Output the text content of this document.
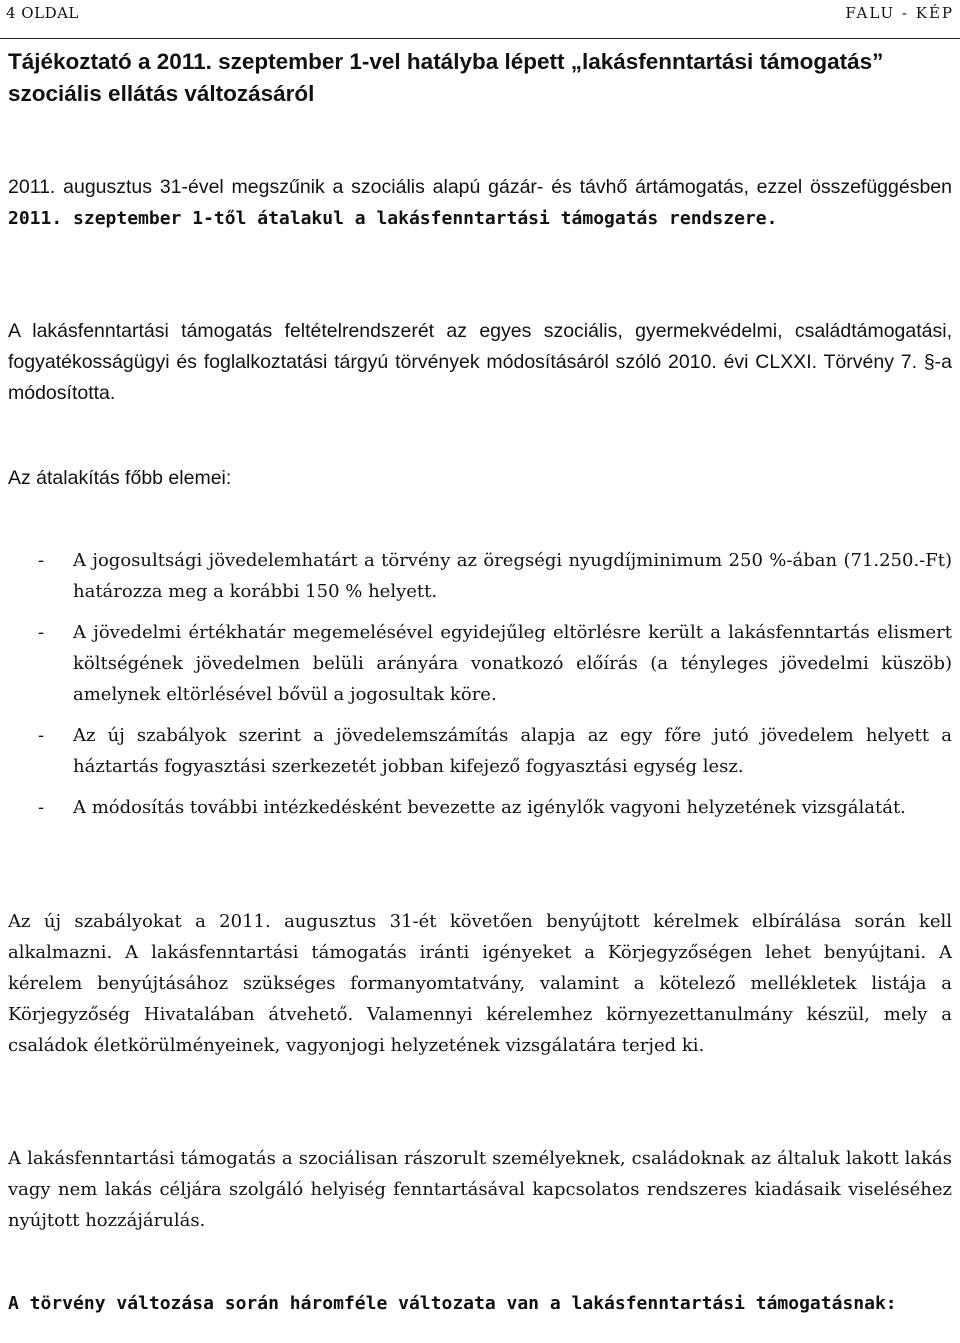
4 OLDAL	FALU - KÉP
Tájékoztató a 2011. szeptember 1-vel hatályba lépett „lakásfenntartási támogatás” szociális ellátás változásáról

2011. augusztus 31-ével megszűnik a szociális alapú gázár- és távhő ártámogatás, ezzel összefüggésben 2011. szeptember 1-től átalakul a lakásfenntartási támogatás rendszere.

A lakásfenntartási támogatás feltételrendszerét az egyes szociális, gyermekvédelmi, családtámogatási, fogyatékosságügyi és foglalkoztatási tárgyú törvények módosításáról szóló 2010. évi CLXXI. Törvény 7. §-a módosította.

Az átalakítás főbb elemei:

- A jogosultsági jövedelemhatárt a törvény az öregségi nyugdíjminimum 250 %-ában (71.250.-Ft) határozza meg a korábbi 150 % helyett.
- A jövedelmi értékhatár megemelésével egyidejűleg eltörlésre került a lakásfenntartás elismert költségének jövedelmen belüli arányára vonatkozó előírás (a tényleges jövedelmi küszöb) amelynek eltörlésével bővül a jogosultak köre.
- Az új szabályok szerint a jövedelemszámítás alapja az egy főre jutó jövedelem helyett a háztartás fogyasztási szerkezetét jobban kifejező fogyasztási egység lesz.
- A módosítás további intézkedésként bevezette az igénylők vagyoni helyzetének vizsgálatát.

Az új szabályokat a 2011. augusztus 31-ét követően benyújtott kérelmek elbírálása során kell alkalmazni. A lakásfenntartási támogatás iránti igényeket a Körjegyzőségen lehet benyújtani. A kérelem benyújtásához szükséges formanyomtatvány, valamint a kötelező mellékletek listája a Körjegyzőség Hivatalában átvehető. Valamennyi kérelemhez környezettanulmány készül, mely a családok életkörülményeinek, vagyonjogi helyzetének vizsgálatára terjed ki.

A lakásfenntartási támogatás a szociálisan rászorult személyeknek, családoknak az általuk lakott lakás vagy nem lakás céljára szolgáló helyiség fenntartásával kapcsolatos rendszeres kiadásaik viseléséhez nyújtott hozzájárulás.

A törvény változása során háromféle változata van a lakásfenntartási támogatásnak:
